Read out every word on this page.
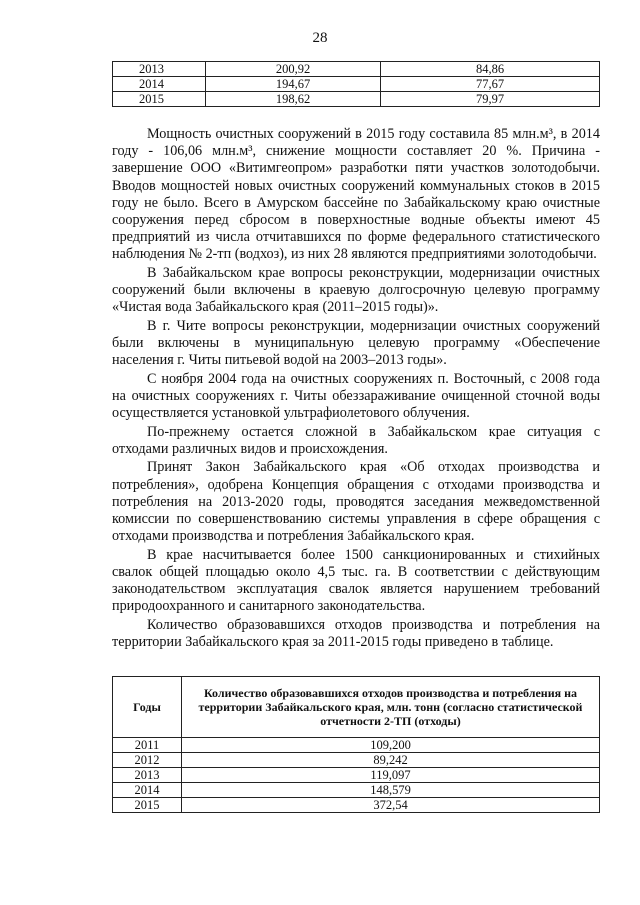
28
2013	200,92	84,86
2014	194,67	77,67
2015	198,62	79,97

Мощность очистных сооружений в 2015 году составила 85 млн.м³, в 2014 году - 106,06 млн.м³, снижение мощности составляет 20 %. Причина - завершение ООО «Витимгеопром» разработки пяти участков золотодобычи. Вводов мощностей новых очистных сооружений коммунальных стоков в 2015 году не было. Всего в Амурском бассейне по Забайкальскому краю очистные сооружения перед сбросом в поверхностные водные объекты имеют 45 предприятий из числа отчитавшихся по форме федерального статистического наблюдения № 2-тп (водхоз), из них 28 являются предприятиями золотодобычи.

В Забайкальском крае вопросы реконструкции, модернизации очистных сооружений были включены в краевую долгосрочную целевую программу «Чистая вода Забайкальского края (2011–2015 годы)».

В г. Чите вопросы реконструкции, модернизации очистных сооружений были включены в муниципальную целевую программу «Обеспечение населения г. Читы питьевой водой на 2003–2013 годы».

С ноября 2004 года на очистных сооружениях п. Восточный, с 2008 года на очистных сооружениях г. Читы обеззараживание очищенной сточной воды осуществляется установкой ультрафиолетового облучения.

По-прежнему остается сложной в Забайкальском крае ситуация с отходами различных видов и происхождения.

Принят Закон Забайкальского края «Об отходах производства и потребления», одобрена Концепция обращения с отходами производства и потребления на 2013-2020 годы, проводятся заседания межведомственной комиссии по совершенствованию системы управления в сфере обращения с отходами производства и потребления Забайкальского края.

В крае насчитывается более 1500 санкционированных и стихийных свалок общей площадью около 4,5 тыс. га. В соответствии с действующим законодательством эксплуатация свалок является нарушением требований природоохранного и санитарного законодательства.

Количество образовавшихся отходов производства и потребления на территории Забайкальского края за 2011-2015 годы приведено в таблице.

Годы	Количество образовавшихся отходов производства и потребления на территории Забайкальского края, млн. тонн (согласно статистической отчетности 2-ТП (отходы)
2011	109,200
2012	89,242
2013	119,097
2014	148,579
2015	372,54
